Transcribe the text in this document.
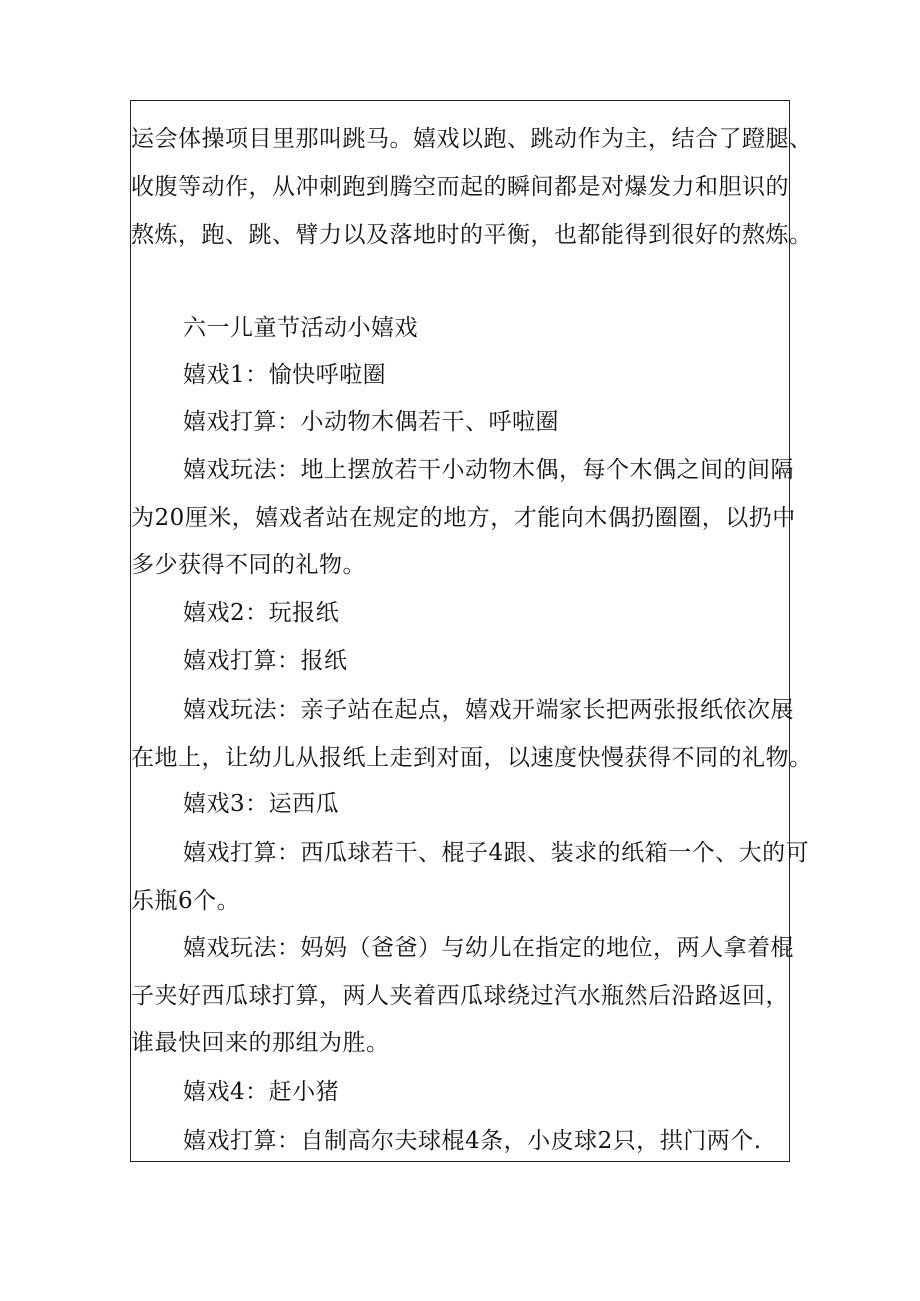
运会体操项目里那叫跳马。嬉戏以跑、跳动作为主，结合了蹬腿、
收腹等动作，从冲刺跑到腾空而起的瞬间都是对爆发力和胆识的
熬炼，跑、跳、臂力以及落地时的平衡，也都能得到很好的熬炼。
六一儿童节活动小嬉戏
嬉戏1：愉快呼啦圈
嬉戏打算：小动物木偶若干、呼啦圈
嬉戏玩法：地上摆放若干小动物木偶，每个木偶之间的间隔
为20厘米，嬉戏者站在规定的地方，才能向木偶扔圈圈，以扔中
多少获得不同的礼物。
嬉戏2：玩报纸
嬉戏打算：报纸
嬉戏玩法：亲子站在起点，嬉戏开端家长把两张报纸依次展
在地上，让幼儿从报纸上走到对面，以速度快慢获得不同的礼物。
嬉戏3：运西瓜
嬉戏打算：西瓜球若干、棍子4跟、装求的纸箱一个、大的可
乐瓶6个。
嬉戏玩法：妈妈（爸爸）与幼儿在指定的地位，两人拿着棍
子夹好西瓜球打算，两人夹着西瓜球绕过汽水瓶然后沿路返回，
谁最快回来的那组为胜。
嬉戏4：赶小猪
嬉戏打算：自制高尔夫球棍4条，小皮球2只，拱门两个.
